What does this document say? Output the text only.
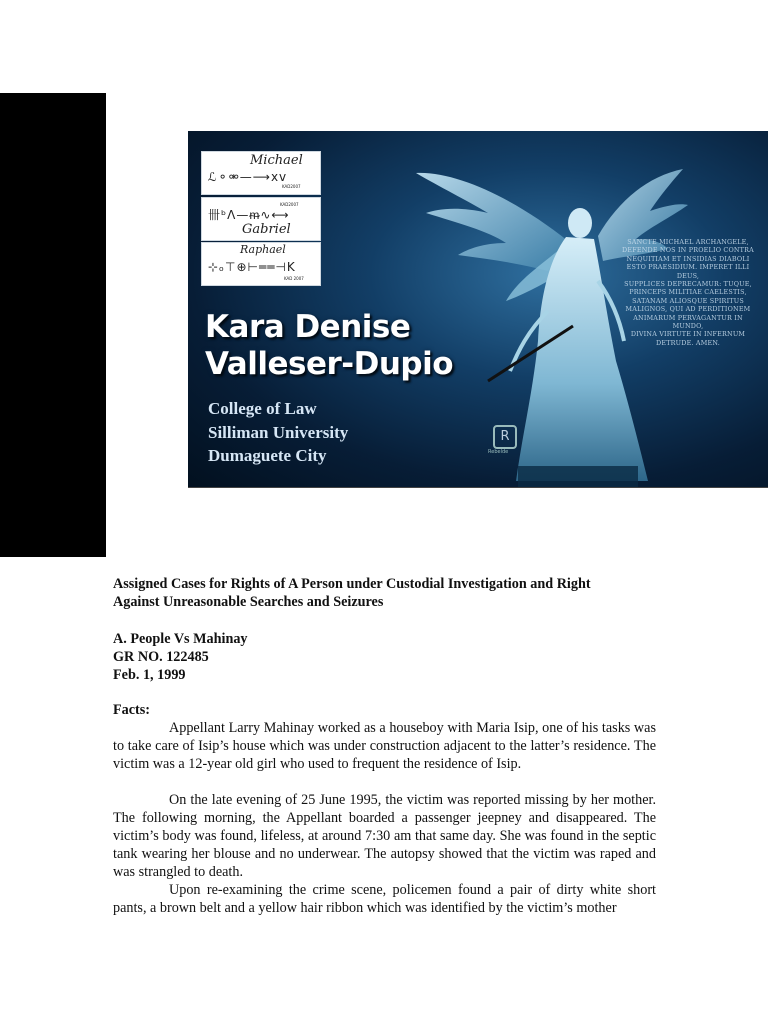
Michael
ℒ⚬⚮—⟶xv
KAD2007
KAD2007
卌ᵇᐱ—ᵯ∿⟷
Gabriel
Raphael
⊹ₒ⊤⊕⊢══⊣K
KAD 2007
Kara Denise
Valleser-Dupio
College of Law
Silliman University
Dumaguete City
SANCTE MICHAEL ARCHANGELE,
DEFENDE NOS IN PROELIO CONTRA
NEQUITIAM ET INSIDIAS DIABOLI
ESTO PRAESIDIUM. IMPERET ILLI DEUS,
SUPPLICES DEPRECAMUR: TUQUE,
PRINCEPS MILITIAE CAELESTIS,
SATANAM ALIOSQUE SPIRITUS
MALIGNOS, QUI AD PERDITIONEM
ANIMARUM PERVAGANTUR IN MUNDO,
DIVINA VIRTUTE IN INFERNUM
DETRUDE. AMEN.
R
Rebelde
Assigned Cases for Rights of A Person under Custodial Investigation and Right
Against Unreasonable Searches and Seizures
A. People Vs Mahinay
GR NO. 122485
Feb. 1, 1999
Facts:
Appellant Larry Mahinay worked as a houseboy with Maria Isip, one of his tasks was to take care of Isip’s house which was under construction adjacent to the latter’s residence. The victim was a 12-year old girl who used to frequent the residence of Isip.
On the late evening of 25 June 1995, the victim was reported missing by her mother. The following morning, the Appellant boarded a passenger jeepney and disappeared. The victim’s body was found, lifeless, at around 7:30 am that same day. She was found in the septic tank wearing her blouse and no underwear. The autopsy showed that the victim was raped and was strangled to death.
Upon re-examining the crime scene, policemen found a pair of dirty white short pants, a brown belt and a yellow hair ribbon which was identified by the victim’s mother
